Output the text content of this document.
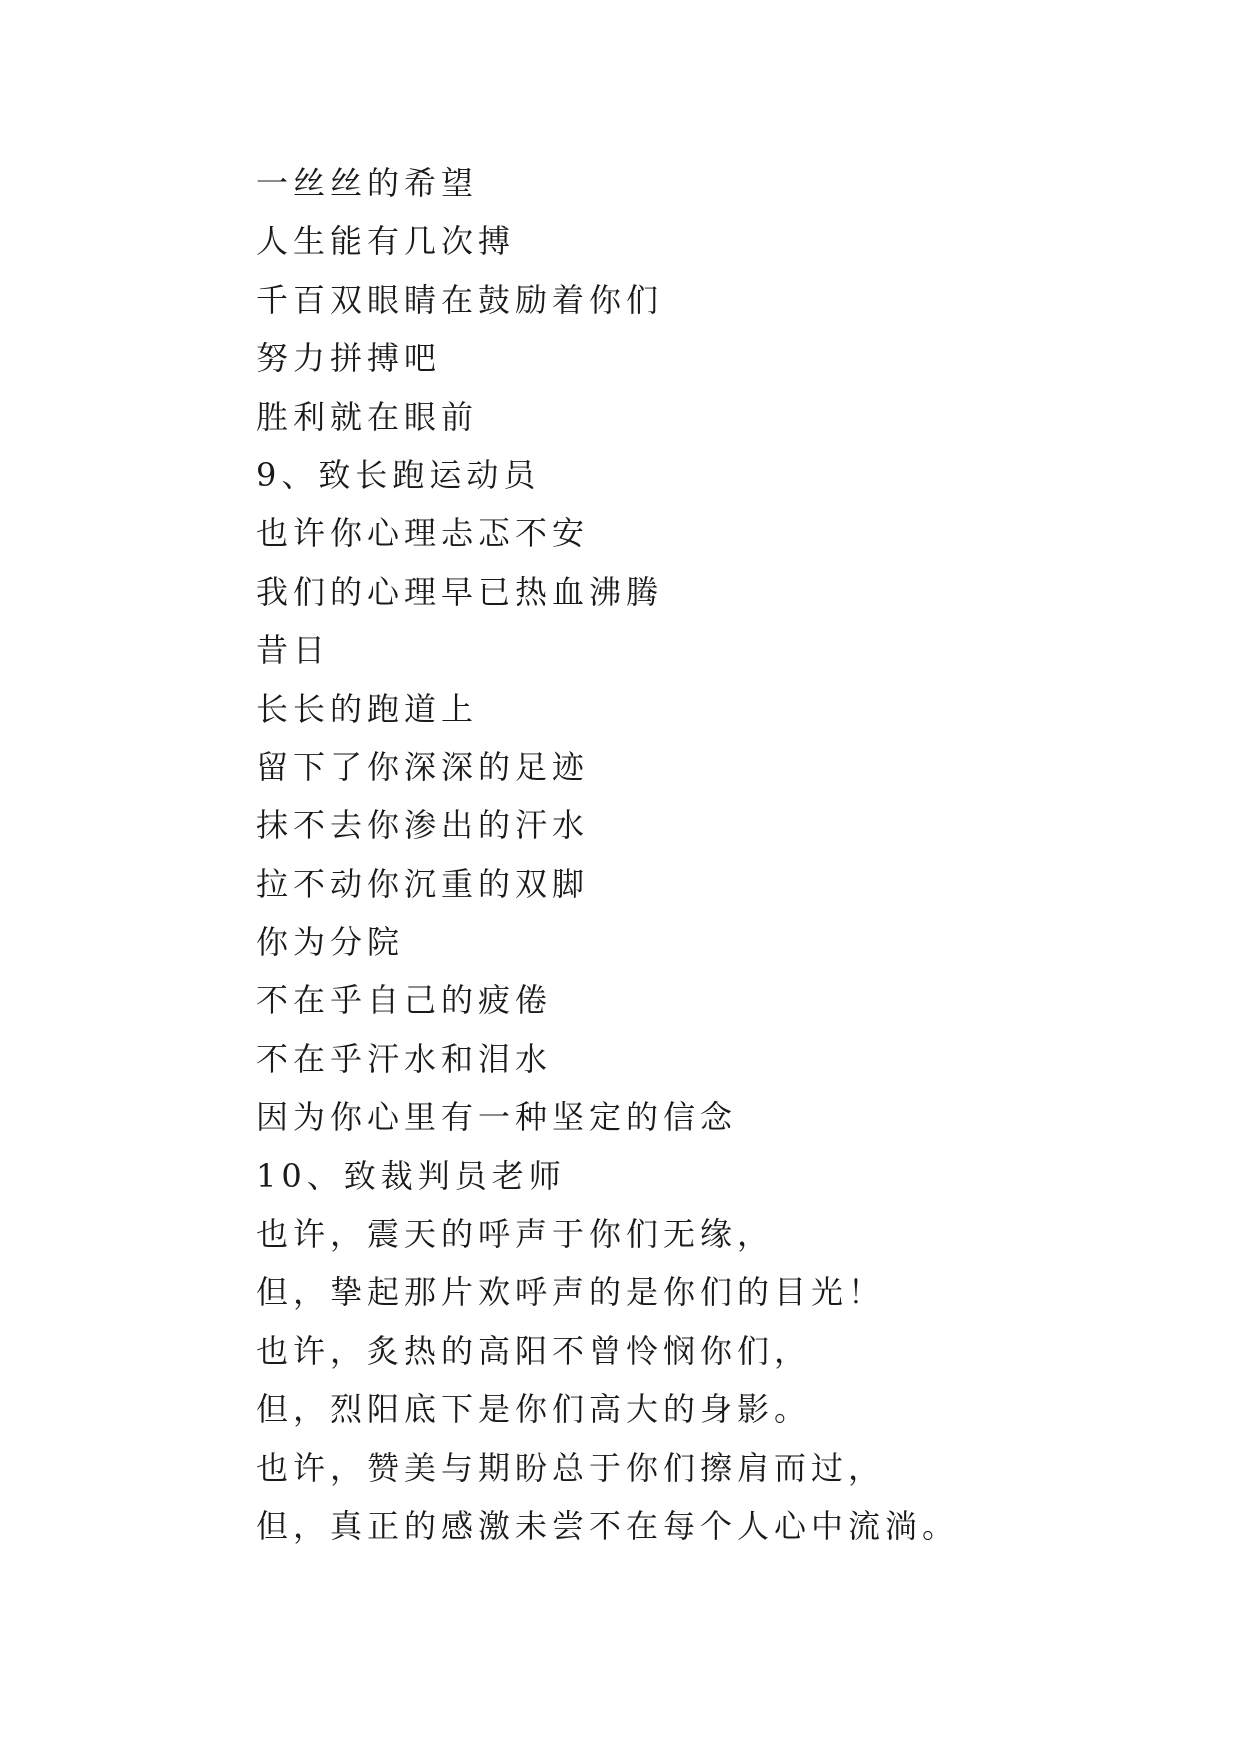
一丝丝的希望
人生能有几次搏
千百双眼睛在鼓励着你们
努力拼搏吧
胜利就在眼前
9、致长跑运动员
也许你心理忐忑不安
我们的心理早已热血沸腾
昔日
长长的跑道上
留下了你深深的足迹
抹不去你渗出的汗水
拉不动你沉重的双脚
你为分院
不在乎自己的疲倦
不在乎汗水和泪水
因为你心里有一种坚定的信念
10、致裁判员老师
也许，震天的呼声于你们无缘，
但，挚起那片欢呼声的是你们的目光！
也许，炙热的高阳不曾怜悯你们，
但，烈阳底下是你们高大的身影。
也许，赞美与期盼总于你们擦肩而过，
但，真正的感激未尝不在每个人心中流淌。
